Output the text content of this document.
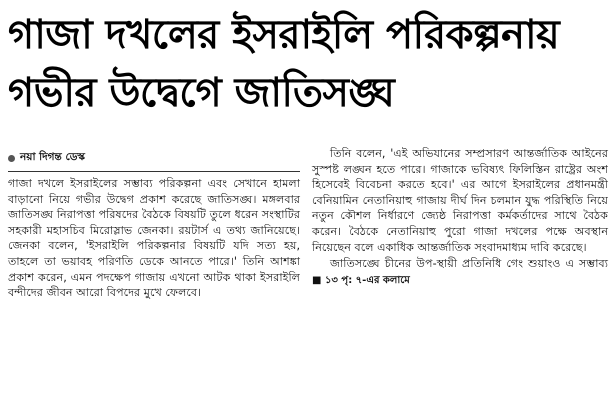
গাজা দখলের ইসরাইলি পরিকল্পনায়
গভীর উদ্বেগে জাতিসঙ্ঘ
নয়া দিগন্ত ডেস্ক

গাজা দখলে ইসরাইলের সম্ভাব্য পরিকল্পনা এবং সেখানে হামলা বাড়ানো নিয়ে গভীর উদ্বেগ প্রকাশ করেছে জাতিসঙ্ঘ। মঙ্গলবার জাতিসঙ্ঘ নিরাপত্তা পরিষদের বৈঠকে বিষয়টি তুলে ধরেন সংস্থাটির সহকারী মহাসচিব মিরোস্লাভ জেনকা। রয়টার্স এ তথ্য জানিয়েছে। জেনকা বলেন, 'ইসরাইলি পরিকল্পনার বিষয়টি যদি সত্য হয়, তাহলে তা ভয়াবহ পরিণতি ডেকে আনতে পারে।' তিনি আশঙ্কা প্রকাশ করেন, এমন পদক্ষেপ গাজায় এখনো আটক থাকা ইসরাইলি বন্দীদের জীবন আরো বিপদের মুখে ফেলবে।

তিনি বলেন, 'এই অভিযানের সম্প্রসারণ আন্তর্জাতিক আইনের সুস্পষ্ট লঙ্ঘন হতে পারে। গাজাকে ভবিষ্যৎ ফিলিস্তিন রাষ্ট্রের অংশ হিসেবেই বিবেচনা করতে হবে।' এর আগে ইসরাইলের প্রধানমন্ত্রী বেনিয়ামিন নেতানিয়াহু গাজায় দীর্ঘ দিন চলমান যুদ্ধ পরিস্থিতি নিয়ে নতুন কৌশল নির্ধারণে জ্যেষ্ঠ নিরাপত্তা কর্মকর্তাদের সাথে বৈঠক করেন। বৈঠকে নেতানিয়াহু পুরো গাজা দখলের পক্ষে অবস্থান নিয়েছেন বলে একাধিক আন্তর্জাতিক সংবাদমাধ্যম দাবি করেছে।

জাতিসঙ্ঘে চীনের উপ-স্থায়ী প্রতিনিধি গেং শুয়াংও এ সম্ভাব্য ■ ১৩ পৃ: ৭-এর কলামে
